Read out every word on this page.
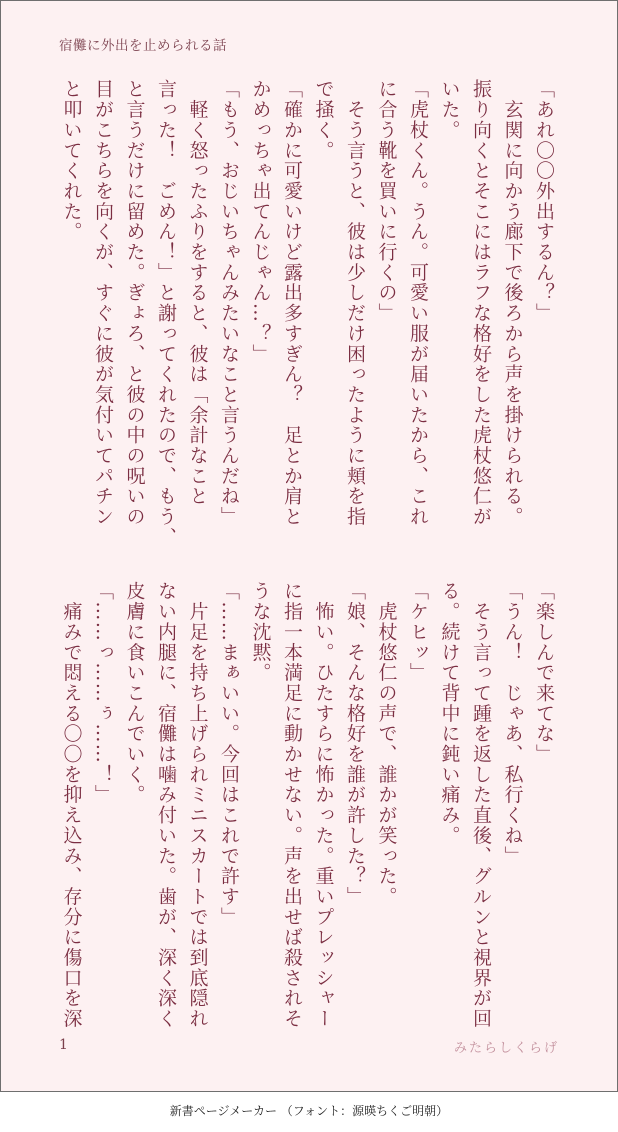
宿儺に外出を止められる話

「あれ〇〇外出するん？」

　玄関に向かう廊下で後ろから声を掛けられる。

振り向くとそこにはラフな格好をした虎杖悠仁が

いた。

「虎杖くん。うん。可愛い服が届いたから、これ

に合う靴を買いに行くの」

　そう言うと、彼は少しだけ困ったように頬を指

で掻く。

「確かに可愛いけど露出多すぎん？　足とか肩と

かめっちゃ出てんじゃん…？」

「もう、おじいちゃんみたいなこと言うんだね」

　軽く怒ったふりをすると、彼は「余計なこと

言った！　ごめん！」と謝ってくれたので、もう、

と言うだけに留めた。ぎょろ、と彼の中の呪いの

目がこちらを向くが、すぐに彼が気付いてパチン

と叩いてくれた。

「楽しんで来てな」

「うん！　じゃあ、私行くね」

　そう言って踵を返した直後、グルンと視界が回

る。続けて背中に鈍い痛み。

「ケヒッ」

　虎杖悠仁の声で、誰かが笑った。

「娘、そんな格好を誰が許した？」

　怖い。ひたすらに怖かった。重いプレッシャー

に指一本満足に動かせない。声を出せば殺されそ

うな沈黙。

「……まぁいい。今回はこれで許す」

　片足を持ち上げられミニスカートでは到底隠れ

ない内腿に、宿儺は噛み付いた。歯が、深く深く

皮膚に食いこんでいく。

「……っ……ぅ……！」

　痛みで悶える〇〇を抑え込み、存分に傷口を深

1	みたらしくらげ
新書ページメーカー （フォント：源暎ちくご明朝）
